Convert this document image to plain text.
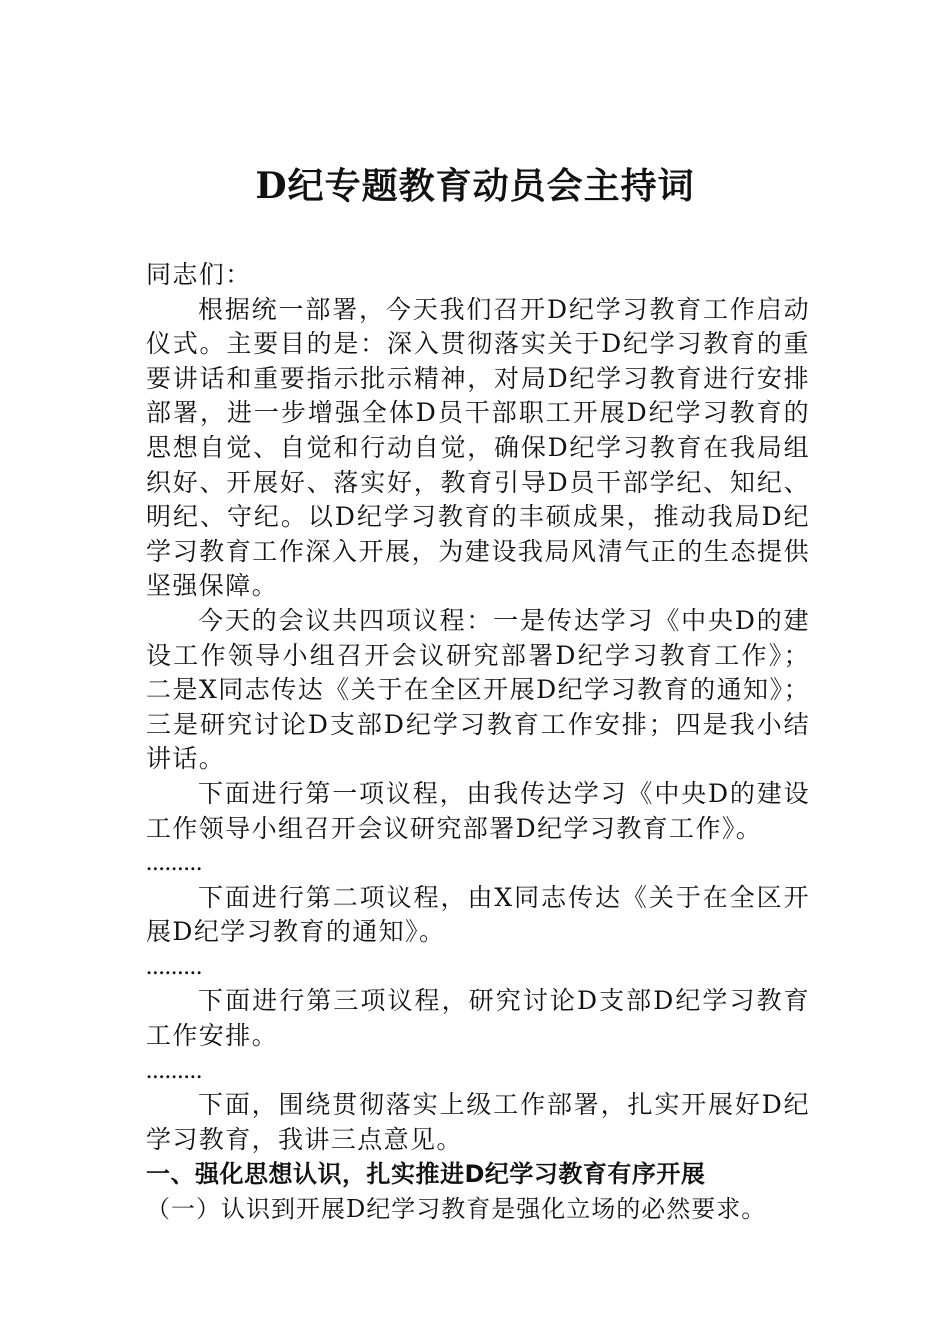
D纪专题教育动员会主持词

同志们：

根据统一部署，今天我们召开D纪学习教育工作启动仪式。主要目的是：深入贯彻落实关于D纪学习教育的重要讲话和重要指示批示精神，对局D纪学习教育进行安排部署，进一步增强全体D员干部职工开展D纪学习教育的思想自觉、自觉和行动自觉，确保D纪学习教育在我局组织好、开展好、落实好，教育引导D员干部学纪、知纪、明纪、守纪。以D纪学习教育的丰硕成果，推动我局D纪学习教育工作深入开展，为建设我局风清气正的生态提供坚强保障。

今天的会议共四项议程：一是传达学习《中央D的建设工作领导小组召开会议研究部署D纪学习教育工作》；二是X同志传达《关于在全区开展D纪学习教育的通知》；三是研究讨论D支部D纪学习教育工作安排；四是我小结讲话。

下面进行第一项议程，由我传达学习《中央D的建设工作领导小组召开会议研究部署D纪学习教育工作》。

.........

下面进行第二项议程，由X同志传达《关于在全区开展D纪学习教育的通知》。

.........

下面进行第三项议程，研究讨论D支部D纪学习教育工作安排。

.........

下面，围绕贯彻落实上级工作部署，扎实开展好D纪学习教育，我讲三点意见。

一、强化思想认识，扎实推进D纪学习教育有序开展

（一）认识到开展D纪学习教育是强化立场的必然要求。
